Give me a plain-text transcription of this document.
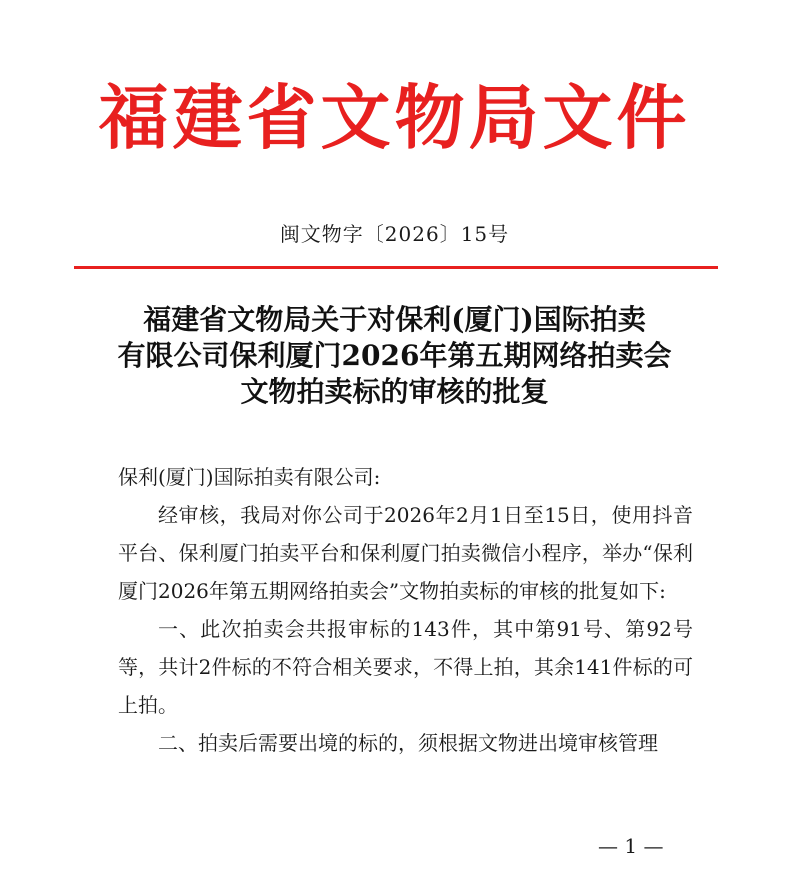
福建省文物局文件
闽文物字〔2026〕15号
福建省文物局关于对保利(厦门)国际拍卖
有限公司保利厦门2026年第五期网络拍卖会
文物拍卖标的审核的批复

保利(厦门)国际拍卖有限公司:

经审核，我局对你公司于2026年2月1日至15日，使用抖音平台、保利厦门拍卖平台和保利厦门拍卖微信小程序，举办“保利厦门2026年第五期网络拍卖会”文物拍卖标的审核的批复如下:

一、此次拍卖会共报审标的143件，其中第91号、第92号等，共计2件标的不符合相关要求，不得上拍，其余141件标的可上拍。

二、拍卖后需要出境的标的，须根据文物进出境审核管理

— 1 —
